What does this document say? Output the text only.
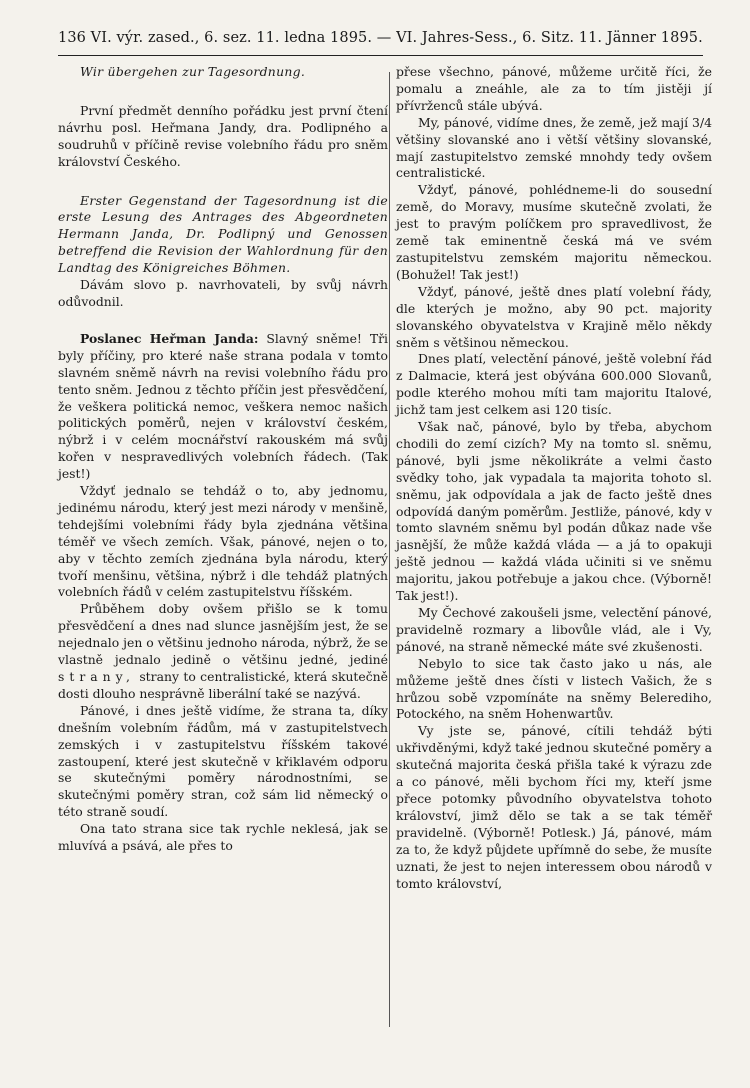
136 VI. výr. zased., 6. sez. 11. ledna 1895. — VI. Jahres-Sess., 6. Sitz. 11. Jänner 1895.

Wir übergehen zur Tagesordnung.

První předmět denního pořádku jest první čtení návrhu posl. Heřmana Jandy, dra. Podlipného a soudruhů v příčině revise volebního řádu pro sněm království Českého.

Erster Gegenstand der Tagesordnung ist die erste Lesung des Antrages des Abgeordneten Hermann Janda, Dr. Podlipný und Genossen betreffend die Revision der Wahlordnung für den Landtag des Königreiches Böhmen.

Dávám slovo p. navrhovateli, by svůj návrh odůvodnil.

Poslanec Heřman Janda: Slavný sněme! Tři byly příčiny, pro které naše strana podala v tomto slavném sněmě návrh na revisi volebního řádu pro tento sněm. Jednou z těchto příčin jest přesvědčení, že veškera politická nemoc, veškera nemoc našich politických poměrů, nejen v království českém, nýbrž i v celém mocnářství rakouském má svůj kořen v nespravedlivých volebních řádech. (Tak jest!)

Vždyť jednalo se tehdáž o to, aby jednomu, jedinému národu, který jest mezi národy v menšině, tehdejšími volebními řády byla zjednána většina téměř ve všech zemích. Však, pánové, nejen o to, aby v těchto zemích zjednána byla národu, který tvoří menšinu, většina, nýbrž i dle tehdáž platných volebních řádů v celém zastupitelstvu říšském.

Průběhem doby ovšem přišlo se k tomu přesvědčení a dnes nad slunce jasnějším jest, že se nejednalo jen o většinu jednoho národa, nýbrž, že se vlastně jednalo jedině o většinu jedné, jediné strany, strany to centralistické, která skutečně dosti dlouho nesprávně liberální také se nazývá.

Pánové, i dnes ještě vidíme, že strana ta, díky dnešním volebním řádům, má v zastupitelstvech zemských i v zastupitelstvu říšském takové zastoupení, které jest skutečně v křiklavém odporu se skutečnými poměry národnostními, se skutečnými poměry stran, což sám lid německý o této straně soudí.

Ona tato strana sice tak rychle neklesá, jak se mluvívá a psává, ale přes to

přese všechno, pánové, můžeme určitě říci, že pomalu a zneáhle, ale za to tím jistěji jí přívrženců stále ubývá.

My, pánové, vidíme dnes, že země, jež mají 3/4 většiny slovanské ano i větší většiny slovanské, mají zastupitelstvo zemské mnohdy tedy ovšem centralistické.

Vždyť, pánové, pohlédneme-li do sousední země, do Moravy, musíme skutečně zvolati, že jest to pravým políčkem pro spravedlivost, že země tak eminentně česká má ve svém zastupitelstvu zemském majoritu německou. (Bohužel! Tak jest!)

Vždyť, pánové, ještě dnes platí volební řády, dle kterých je možno, aby 90 pct. majority slovanského obyvatelstva v Krajině mělo někdy sněm s většinou německou.

Dnes platí, velectění pánové, ještě volební řád z Dalmacie, která jest obývána 600.000 Slovanů, podle kterého mohou míti tam majoritu Italové, jichž tam jest celkem asi 120 tisíc.

Však nač, pánové, bylo by třeba, abychom chodili do zemí cizích? My na tomto sl. sněmu, pánové, byli jsme několikráte a velmi často svědky toho, jak vypadala ta majorita tohoto sl. sněmu, jak odpovídala a jak de facto ještě dnes odpovídá daným poměrům. Jestliže, pánové, kdy v tomto slavném sněmu byl podán důkaz nade vše jasnější, že může každá vláda — a já to opakuji ještě jednou — každá vláda učiniti si ve sněmu majoritu, jakou potřebuje a jakou chce. (Výborně! Tak jest!).

My Čechové zakoušeli jsme, velectění pánové, pravidelně rozmary a libovůle vlád, ale i Vy, pánové, na straně německé máte své zkušenosti.

Nebylo to sice tak často jako u nás, ale můžeme ještě dnes čísti v listech Vašich, že s hrůzou sobě vzpomínáte na sněmy Belerediho, Potockého, na sněm Hohenwartův.

Vy jste se, pánové, cítili tehdáž býti ukřivděnými, když také jednou skutečné poměry a skutečná majorita česká přišla také k výrazu zde a co pánové, měli bychom říci my, kteří jsme přece potomky původního obyvatelstva tohoto království, jimž dělo se tak a se tak téměř pravidelně. (Výborně! Potlesk.) Já, pánové, mám za to, že když půjdete upřímně do sebe, že musíte uznati, že jest to nejen interessem obou národů v tomto království,
